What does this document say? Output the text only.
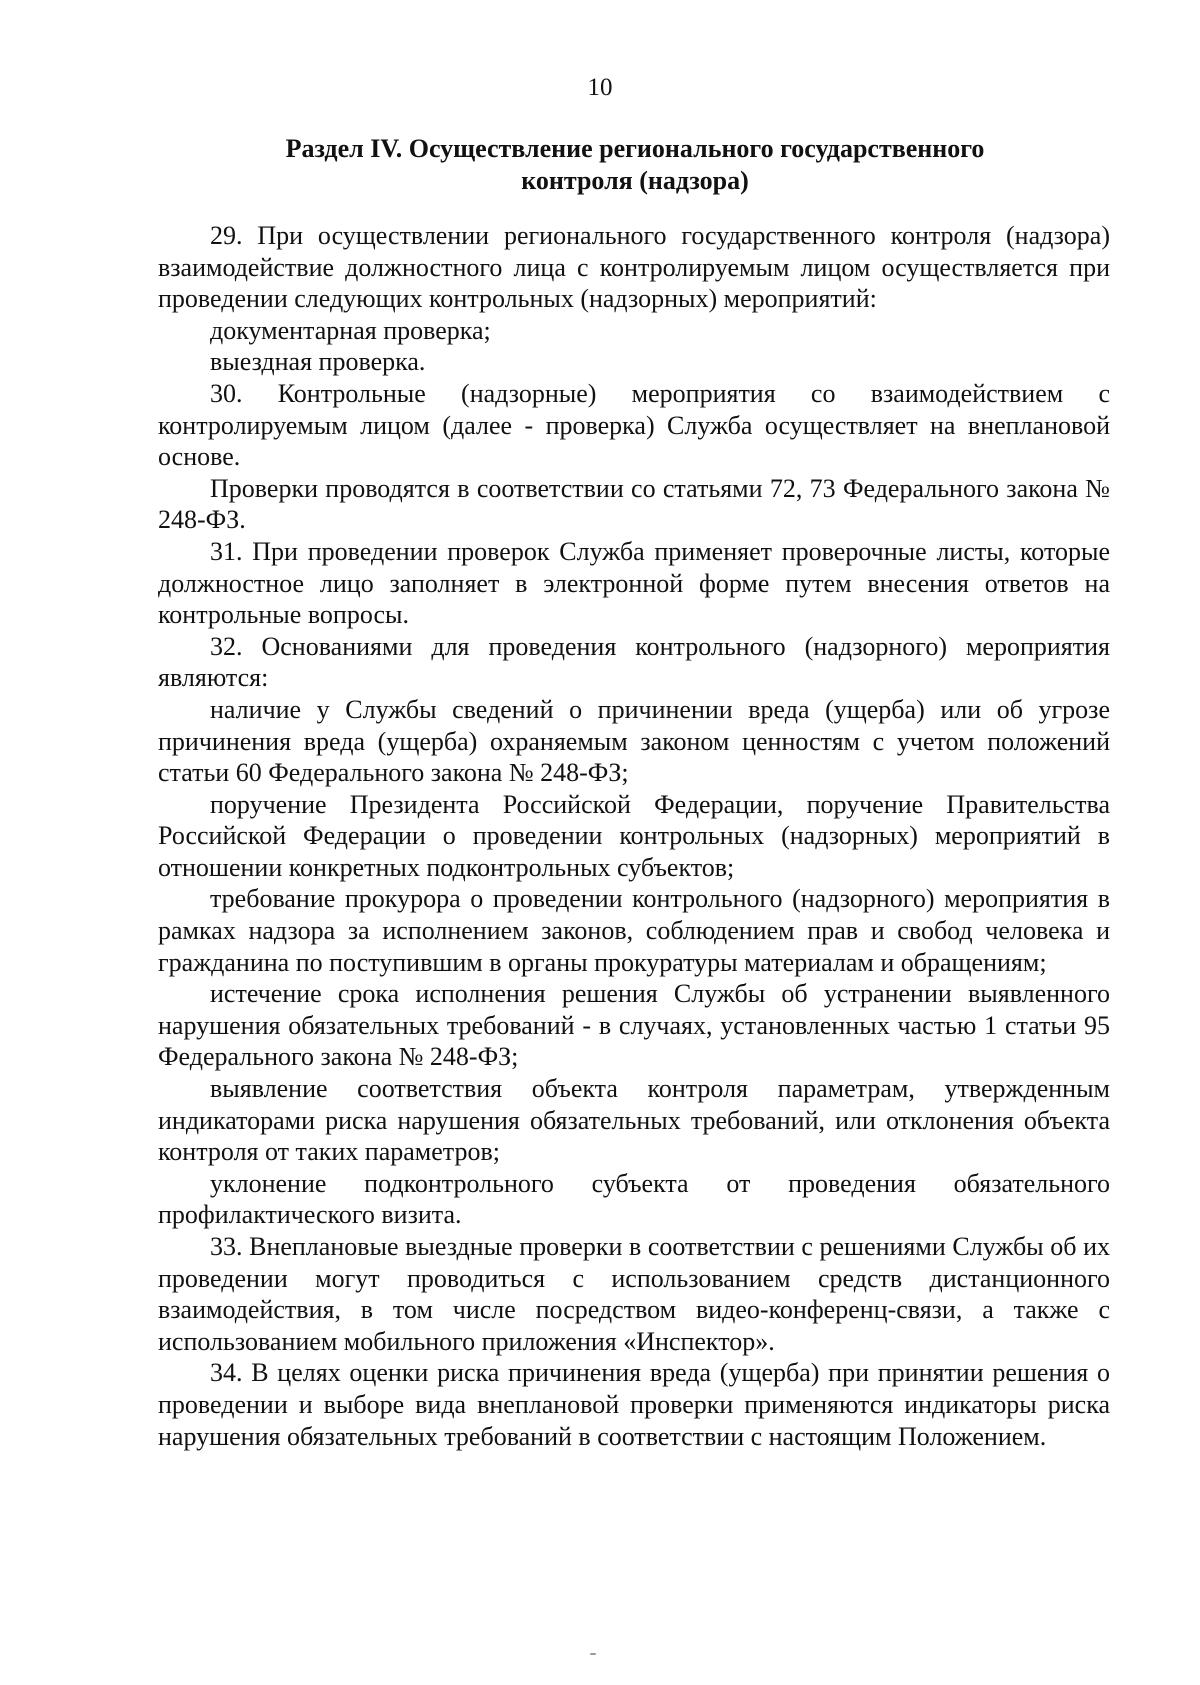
10
Раздел IV. Осуществление регионального государственного
контроля (надзора)

29. При осуществлении регионального государственного контроля (надзора) взаимодействие должностного лица с контролируемым лицом осуществляется при проведении следующих контрольных (надзорных) мероприятий:

документарная проверка;

выездная проверка.

30. Контрольные (надзорные) мероприятия со взаимодействием с контролируемым лицом (далее - проверка) Служба осуществляет на внеплановой основе.

Проверки проводятся в соответствии со статьями 72, 73 Федерального закона № 248-ФЗ.

31. При проведении проверок Служба применяет проверочные листы, которые должностное лицо заполняет в электронной форме путем внесения ответов на контрольные вопросы.

32. Основаниями для проведения контрольного (надзорного) мероприятия являются:

наличие у Службы сведений о причинении вреда (ущерба) или об угрозе причинения вреда (ущерба) охраняемым законом ценностям с учетом положений статьи 60 Федерального закона № 248-ФЗ;

поручение Президента Российской Федерации, поручение Правительства Российской Федерации о проведении контрольных (надзорных) мероприятий в отношении конкретных подконтрольных субъектов;

требование прокурора о проведении контрольного (надзорного) мероприятия в рамках надзора за исполнением законов, соблюдением прав и свобод человека и гражданина по поступившим в органы прокуратуры материалам и обращениям;

истечение срока исполнения решения Службы об устранении выявленного нарушения обязательных требований - в случаях, установленных частью 1 статьи 95 Федерального закона № 248-ФЗ;

выявление соответствия объекта контроля параметрам, утвержденным индикаторами риска нарушения обязательных требований, или отклонения объекта контроля от таких параметров;

уклонение подконтрольного субъекта от проведения обязательного профилактического визита.

33. Внеплановые выездные проверки в соответствии с решениями Службы об их проведении могут проводиться с использованием средств дистанционного взаимодействия, в том числе посредством видео-конференц-связи, а также с использованием мобильного приложения «Инспектор».

34. В целях оценки риска причинения вреда (ущерба) при принятии решения о проведении и выборе вида внеплановой проверки применяются индикаторы риска нарушения обязательных требований в соответствии с настоящим Положением.
